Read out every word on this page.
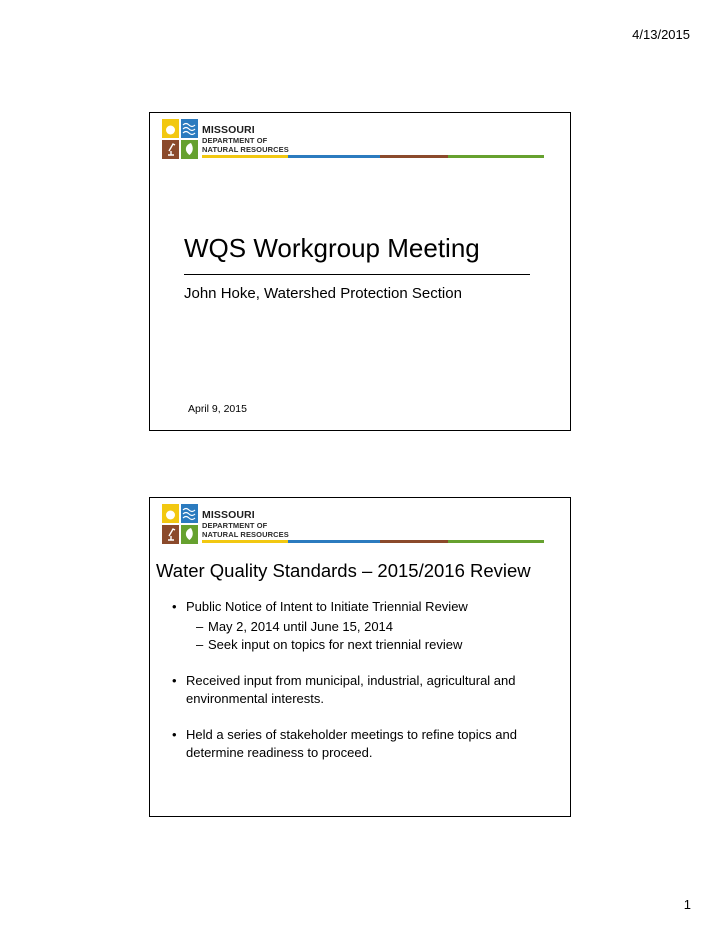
4/13/2015
MISSOURI
DEPARTMENT OF
NATURAL RESOURCES
WQS Workgroup Meeting
John Hoke, Watershed Protection Section
April 9, 2015
MISSOURI
DEPARTMENT OF
NATURAL RESOURCES
Water Quality Standards – 2015/2016 Review
• Public Notice of Intent to Initiate Triennial Review
– May 2, 2014 until June 15, 2014
– Seek input on topics for next triennial review
• Received input from municipal, industrial, agricultural and environmental interests.
• Held a series of stakeholder meetings to refine topics and determine readiness to proceed.
1
